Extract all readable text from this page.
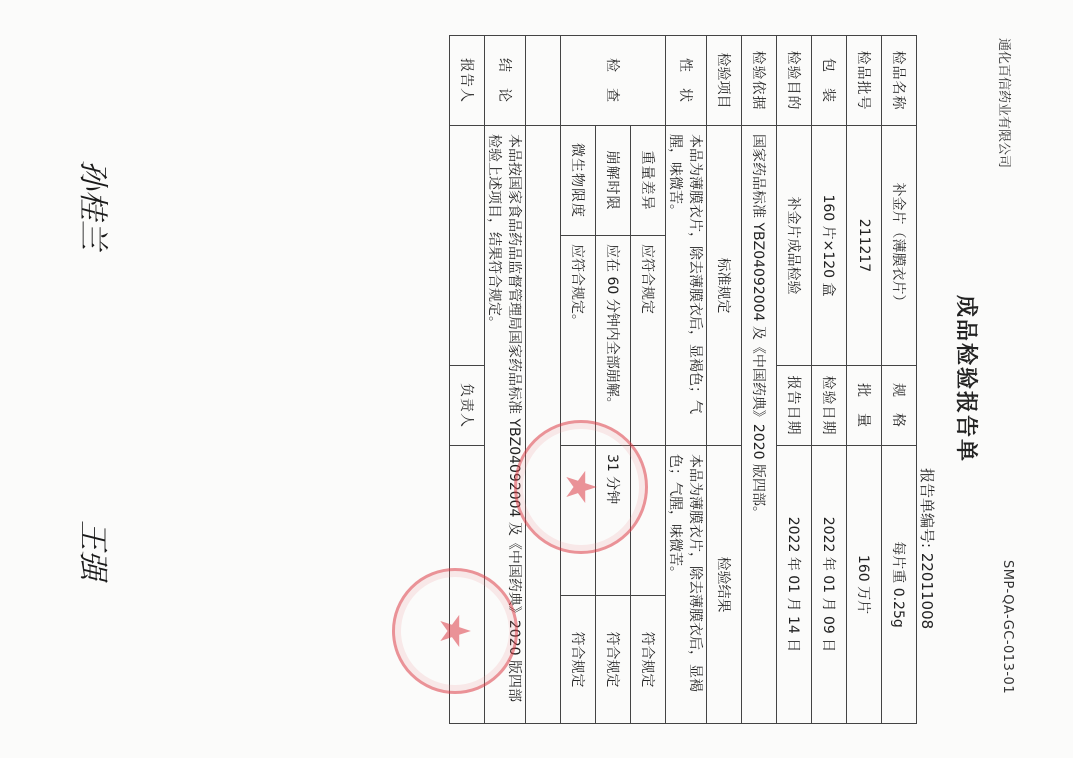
通化百信药业有限公司
SMP-QA-GC-013-01
成品检验报告单
报告单编号: 22011008
检品名称	补金片（薄膜衣片）		规　格	每片重 0.25g	
检品批号	211217		批　量	160 万片	
包　装	160 片×120 盒		检验日期	2022 年 01 月 09 日	
检验目的	补金片成品检验		报告日期	2022 年 01 月 14 日	
检验依据	国家药品标准 YBZ04092004 及《中国药典》2020 版四部。				
检验项目	标准规定			检验结果	
性　状	本品为薄膜衣片，除去薄膜衣后，显褐色；气腥，味微苦。			本品为薄膜衣片，除去薄膜衣后，显褐色；气腥，味微苦。	
检　查	重量差异	应符合规定			符合规定
	崩解时限	应在 60 分钟内全部崩解。		31 分钟	符合规定
	微生物限度	应符合规定。			符合规定

结　论	本品按国家食品药品监督管理局国家药品标准 YBZ04092004 及《中国药典》2020 版四部检验上述项目，结果符合规定。				
报告人			负责人		
★
★
孙桂兰
王强
